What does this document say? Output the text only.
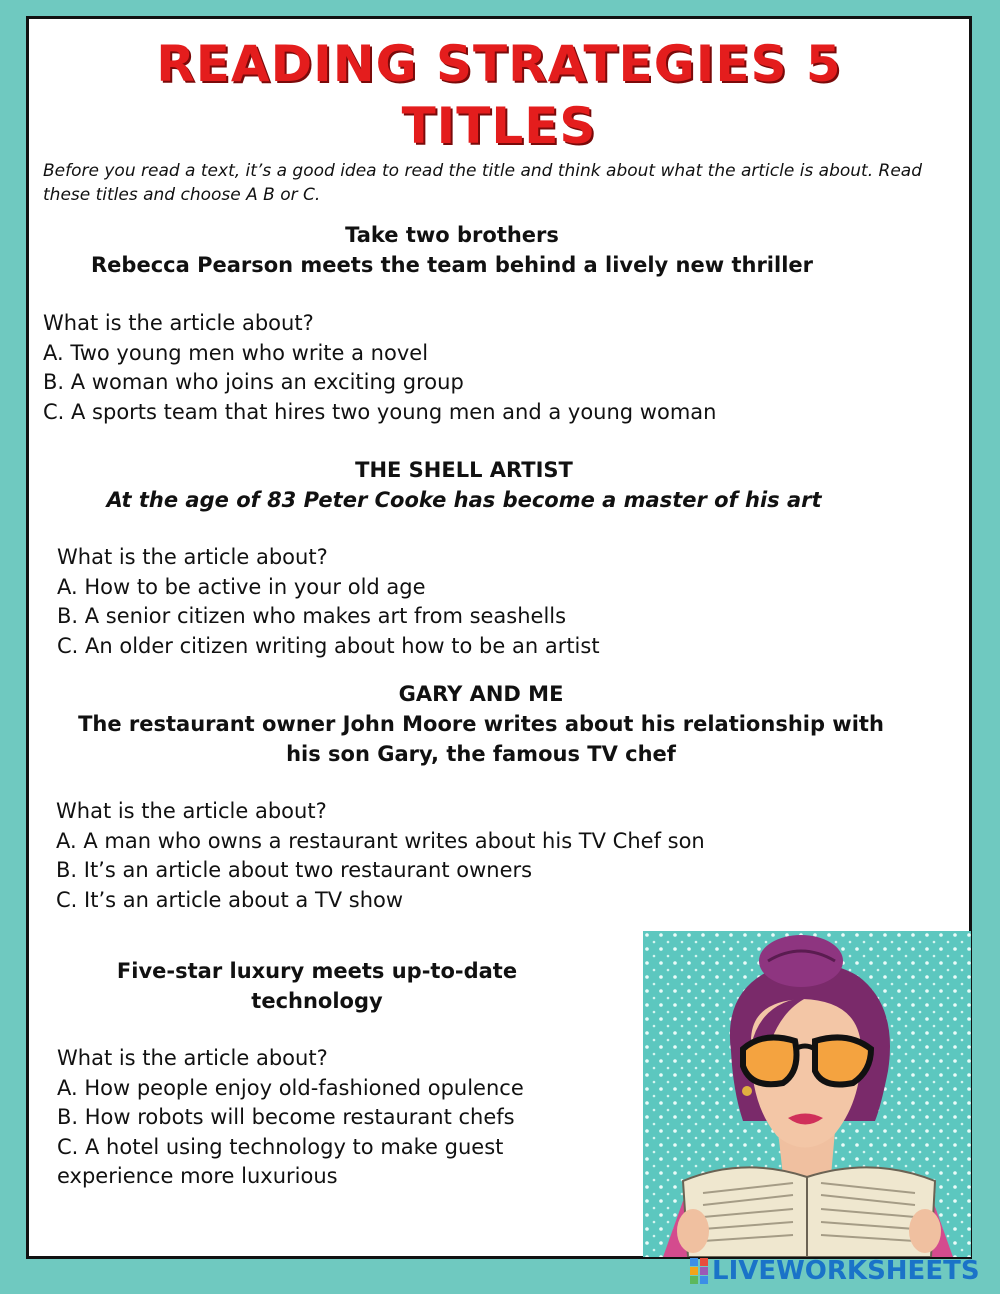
READING STRATEGIES 5
TITLES
Before you read a text, it’s a good idea to read the title and think about what the article is about. Read these titles and choose A B or C.
Take two brothers
Rebecca Pearson meets the team behind a lively new thriller
What is the article about?
A. Two young men who write a novel
B. A woman who joins an exciting group
C. A sports team that hires two young men and a young woman
THE SHELL ARTIST
At the age of 83 Peter Cooke has become a master of his art
What is the article about?
A. How to be active in your old age
B. A senior citizen who makes art from seashells
C. An older citizen writing about how to be an artist
GARY AND ME
The restaurant owner John Moore writes about his relationship with
his son Gary, the famous TV chef
What is the article about?
A. A man who owns a restaurant writes about his TV Chef son
B. It’s an article about two restaurant owners
C. It’s an article about a TV show
Five-star luxury meets up-to-date
technology
What is the article about?
A. How people enjoy old-fashioned opulence
B. How robots will become restaurant chefs
C. A hotel using technology to make guest
experience more luxurious
LIVEWORKSHEETS
